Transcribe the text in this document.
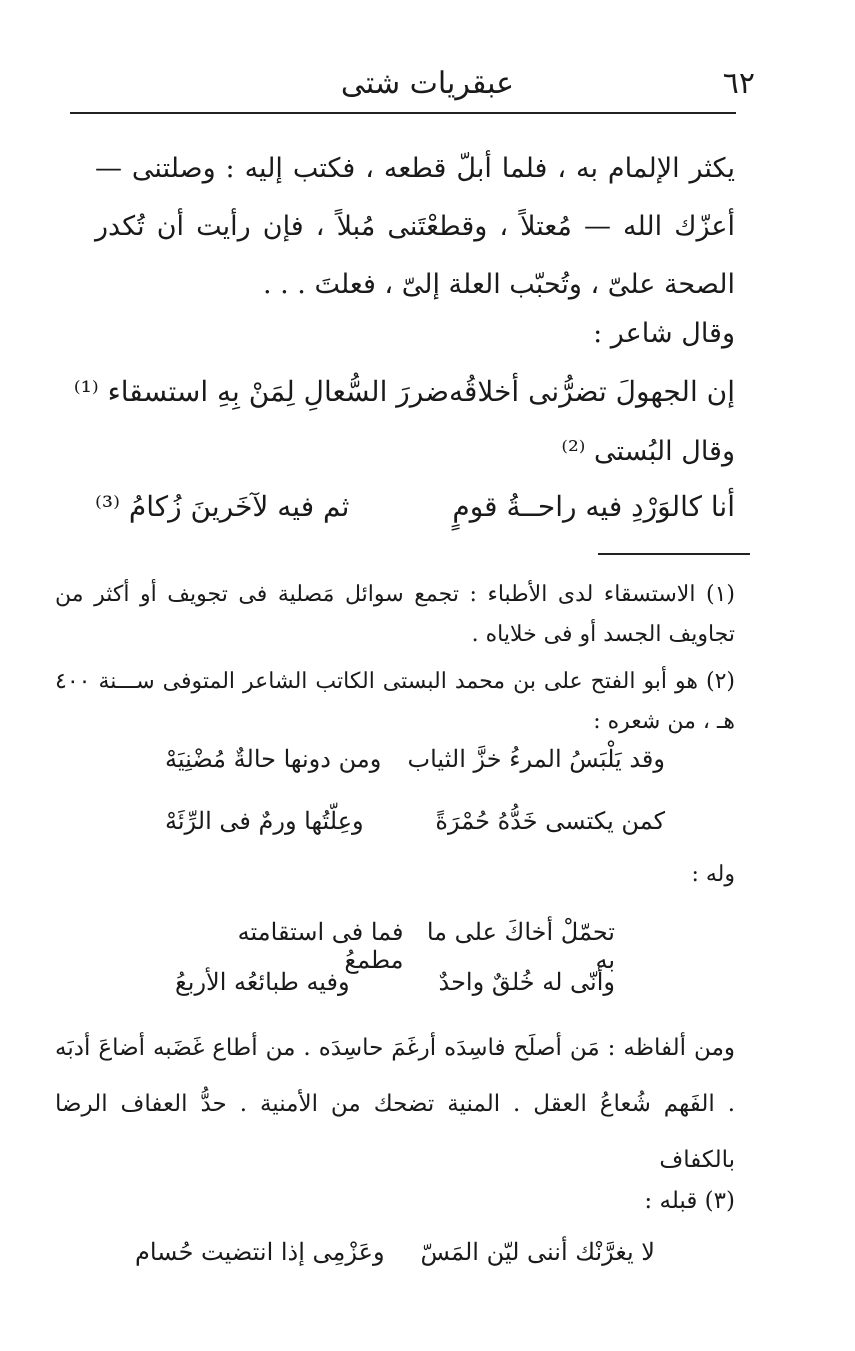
٦٢
عبقريات شتى
يكثر الإلمام به ، فلما أبلّ قطعه ، فكتب إليه : وصلتنى — أعزّك الله — مُعتلاً ، وقطعْتَنى مُبلاً ، فإن رأيت أن تُكدر الصحة علىّ ، وتُحبّب العلة إلىّ ، فعلتَ . . .
وقال شاعر :
إن الجهولَ تضرُّنى أخلاقُه
ضررَ السُّعالِ لِمَنْ بِهِ استسقاء ⁽¹⁾
وقال البُستى ⁽²⁾
أنا كالوَرْدِ فيه راحــةُ قومٍ
ثم فيه لآخَرينَ زُكامُ ⁽³⁾
(١) الاستسقاء لدى الأطباء : تجمع سوائل مَصلية فى تجويف أو أكثر من تجاويف الجسد أو فى خلاياه .
(٢) هو أبو الفتح على بن محمد البستى الكاتب الشاعر المتوفى ســـنة ٤٠٠ هـ ، من شعره :
وقد يَلْبَسُ المرءُ خزَّ الثياب
ومن دونها حالةٌ مُضْنِيَهْ
كمن يكتسى خَدُّهُ حُمْرَةً
وعِلّتُها ورمٌ فى الرِّئَهْ
وله :
تحمّلْ أخاكَ على ما به
فما فى استقامته مطمعُ
وأنّى له خُلقٌ واحدٌ
وفيه طبائعُه الأربعُ
ومن ألفاظه : مَن أصلَح فاسِدَه أرغَمَ حاسِدَه . من أطاع غَضَبه أضاعَ أدبَه . الفَهم شُعاعُ العقل . المنية تضحك من الأمنية . حدُّ العفاف الرضا بالكفاف
(٣) قبله :
لا يغرَّنْك أننى ليّن المَسّ
وعَزْمِى إذا انتضيت حُسام
